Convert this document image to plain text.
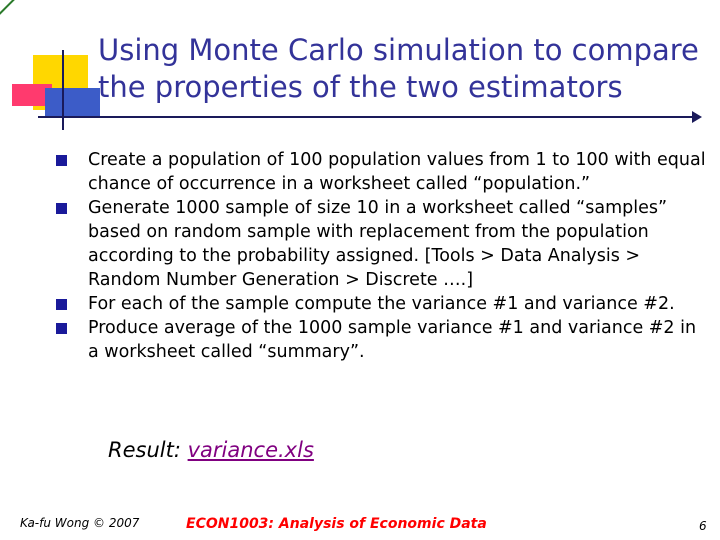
Using Monte Carlo simulation to compare the properties of the two estimators
Create a population of 100 population values from 1 to 100 with equal chance of occurrence in a worksheet called “population.”
Generate 1000 sample of size 10 in a worksheet called “samples” based on random sample with replacement from the population according to the probability assigned. [Tools > Data Analysis > Random Number Generation > Discrete ….]
For each of the sample compute the variance #1 and variance #2.
Produce average of the 1000 sample variance #1 and variance #2 in a worksheet called “summary”.
Result: variance.xls
Ka-fu Wong © 2007	ECON1003: Analysis of Economic Data	6
